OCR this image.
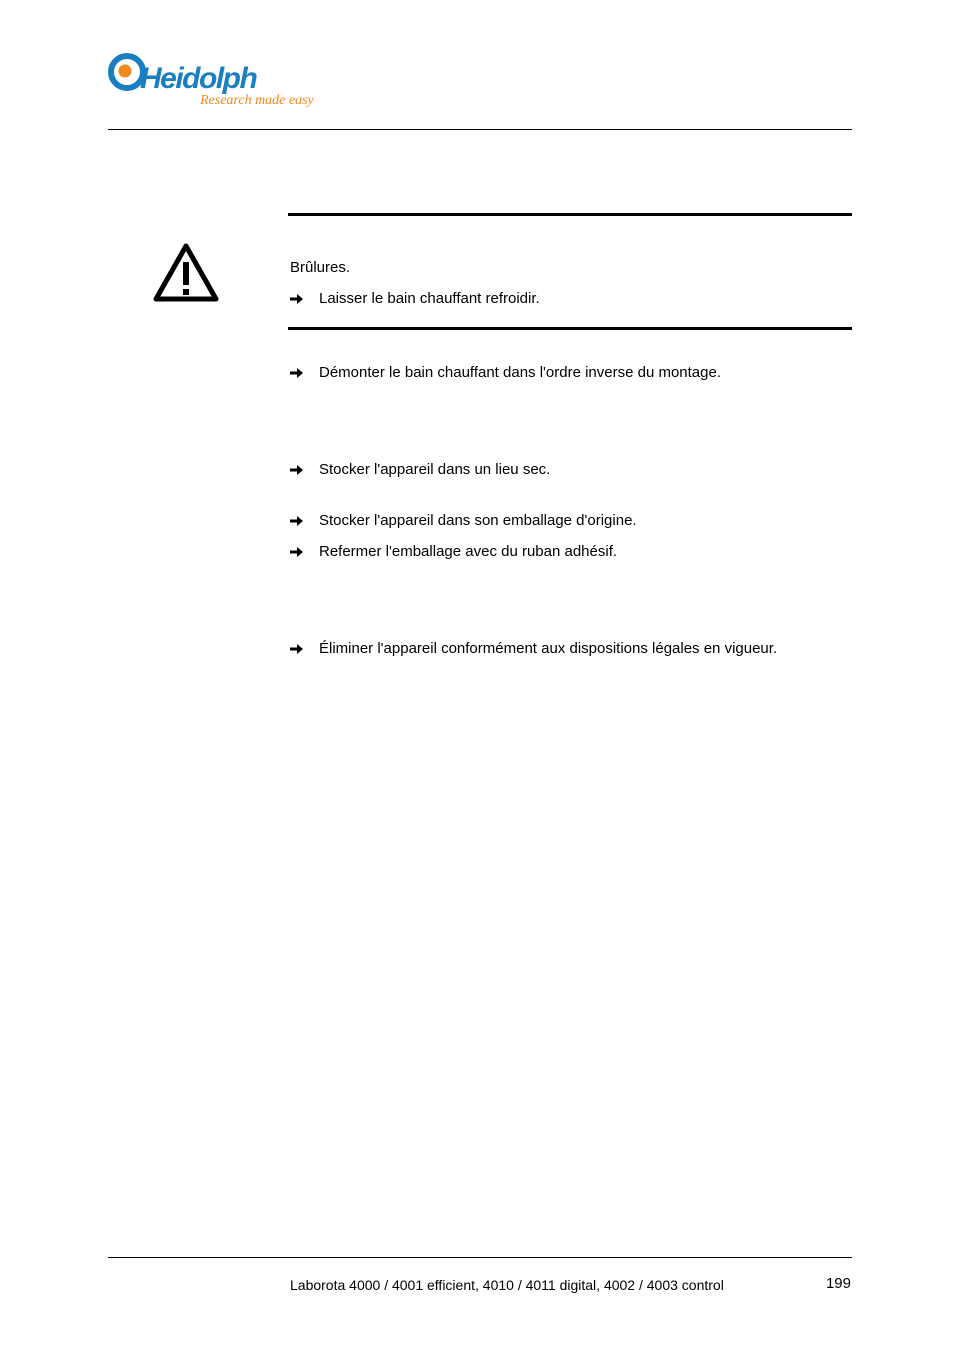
Heidolph
Research made easy
Brûlures.
Laisser le bain chauffant refroidir.
Démonter le bain chauffant dans l'ordre inverse du montage.
Stocker l'appareil dans un lieu sec.
Stocker l'appareil dans son emballage d'origine.
Refermer l'emballage avec du ruban adhésif.
Éliminer l'appareil conformément aux dispositions légales en vigueur.
Laborota 4000 / 4001 efficient, 4010 / 4011 digital, 4002 / 4003 control	199
